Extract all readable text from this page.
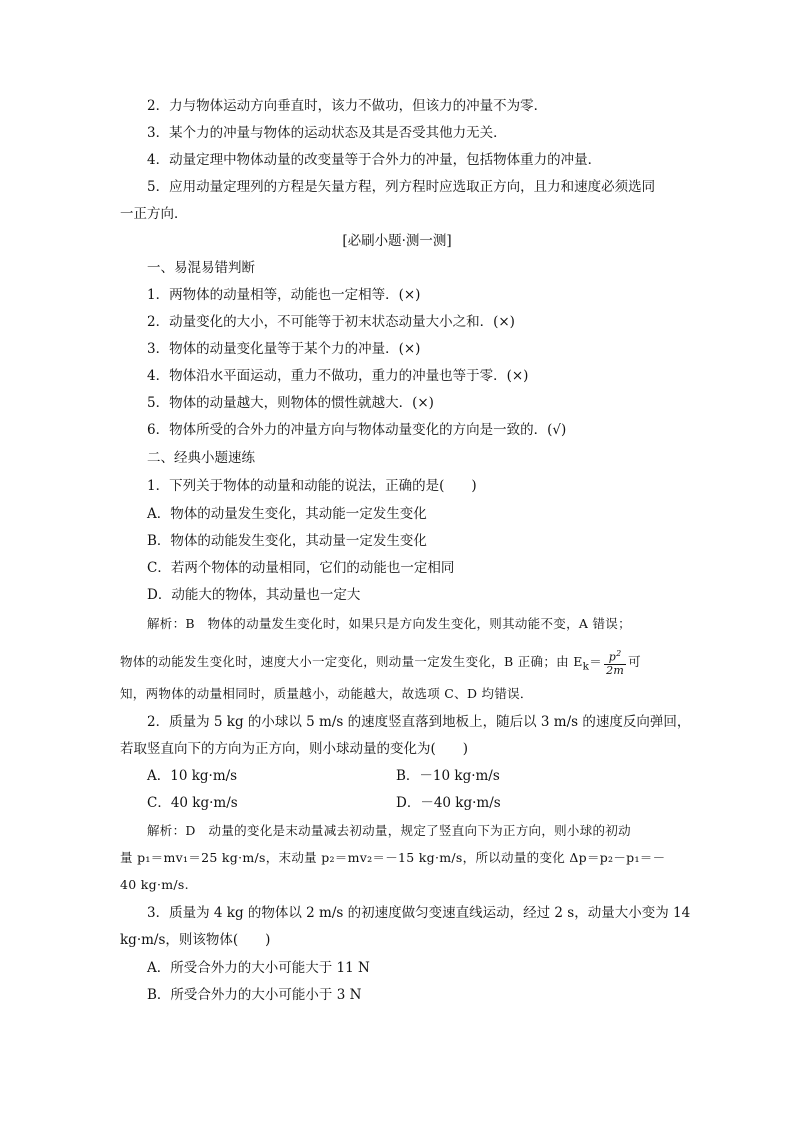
2．力与物体运动方向垂直时，该力不做功，但该力的冲量不为零．
3．某个力的冲量与物体的运动状态及其是否受其他力无关．
4．动量定理中物体动量的改变量等于合外力的冲量，包括物体重力的冲量．
5．应用动量定理列的方程是矢量方程，列方程时应选取正方向，且力和速度必须选同
一正方向．
[必刷小题·测一测]
一、易混易错判断
1．两物体的动量相等，动能也一定相等．(×)
2．动量变化的大小，不可能等于初末状态动量大小之和．(×)
3．物体的动量变化量等于某个力的冲量．(×)
4．物体沿水平面运动，重力不做功，重力的冲量也等于零．(×)
5．物体的动量越大，则物体的惯性就越大．(×)
6．物体所受的合外力的冲量方向与物体动量变化的方向是一致的．(√)
二、经典小题速练
1．下列关于物体的动量和动能的说法，正确的是(　　)
A．物体的动量发生变化，其动能一定发生变化
B．物体的动能发生变化，其动量一定发生变化
C．若两个物体的动量相同，它们的动能也一定相同
D．动能大的物体，其动量也一定大
解析：B　物体的动量发生变化时，如果只是方向发生变化，则其动能不变，A 错误；
物体的动能发生变化时，速度大小一定变化，则动量一定发生变化，B 正确；由 $E_k= \frac{p^2}{2m}$ 可
知，两物体的动量相同时，质量越小，动能越大，故选项 C、D 均错误．
2．质量为 5 kg 的小球以 5 m/s 的速度竖直落到地板上，随后以 3 m/s 的速度反向弹回，
若取竖直向下的方向为正方向，则小球动量的变化为(　　)
A．10 kg·m/s	B．－10 kg·m/s
C．40 kg·m/s	D．－40 kg·m/s
解析：D　动量的变化是末动量减去初动量，规定了竖直向下为正方向，则小球的初动
量 p₁＝mv₁＝25 kg·m/s，末动量 p₂＝mv₂＝－15 kg·m/s，所以动量的变化 Δp＝p₂－p₁＝－
40 kg·m/s.
3．质量为 4 kg 的物体以 2 m/s 的初速度做匀变速直线运动，经过 2 s，动量大小变为 14
kg·m/s，则该物体(　　)
A．所受合外力的大小可能大于 11 N
B．所受合外力的大小可能小于 3 N
